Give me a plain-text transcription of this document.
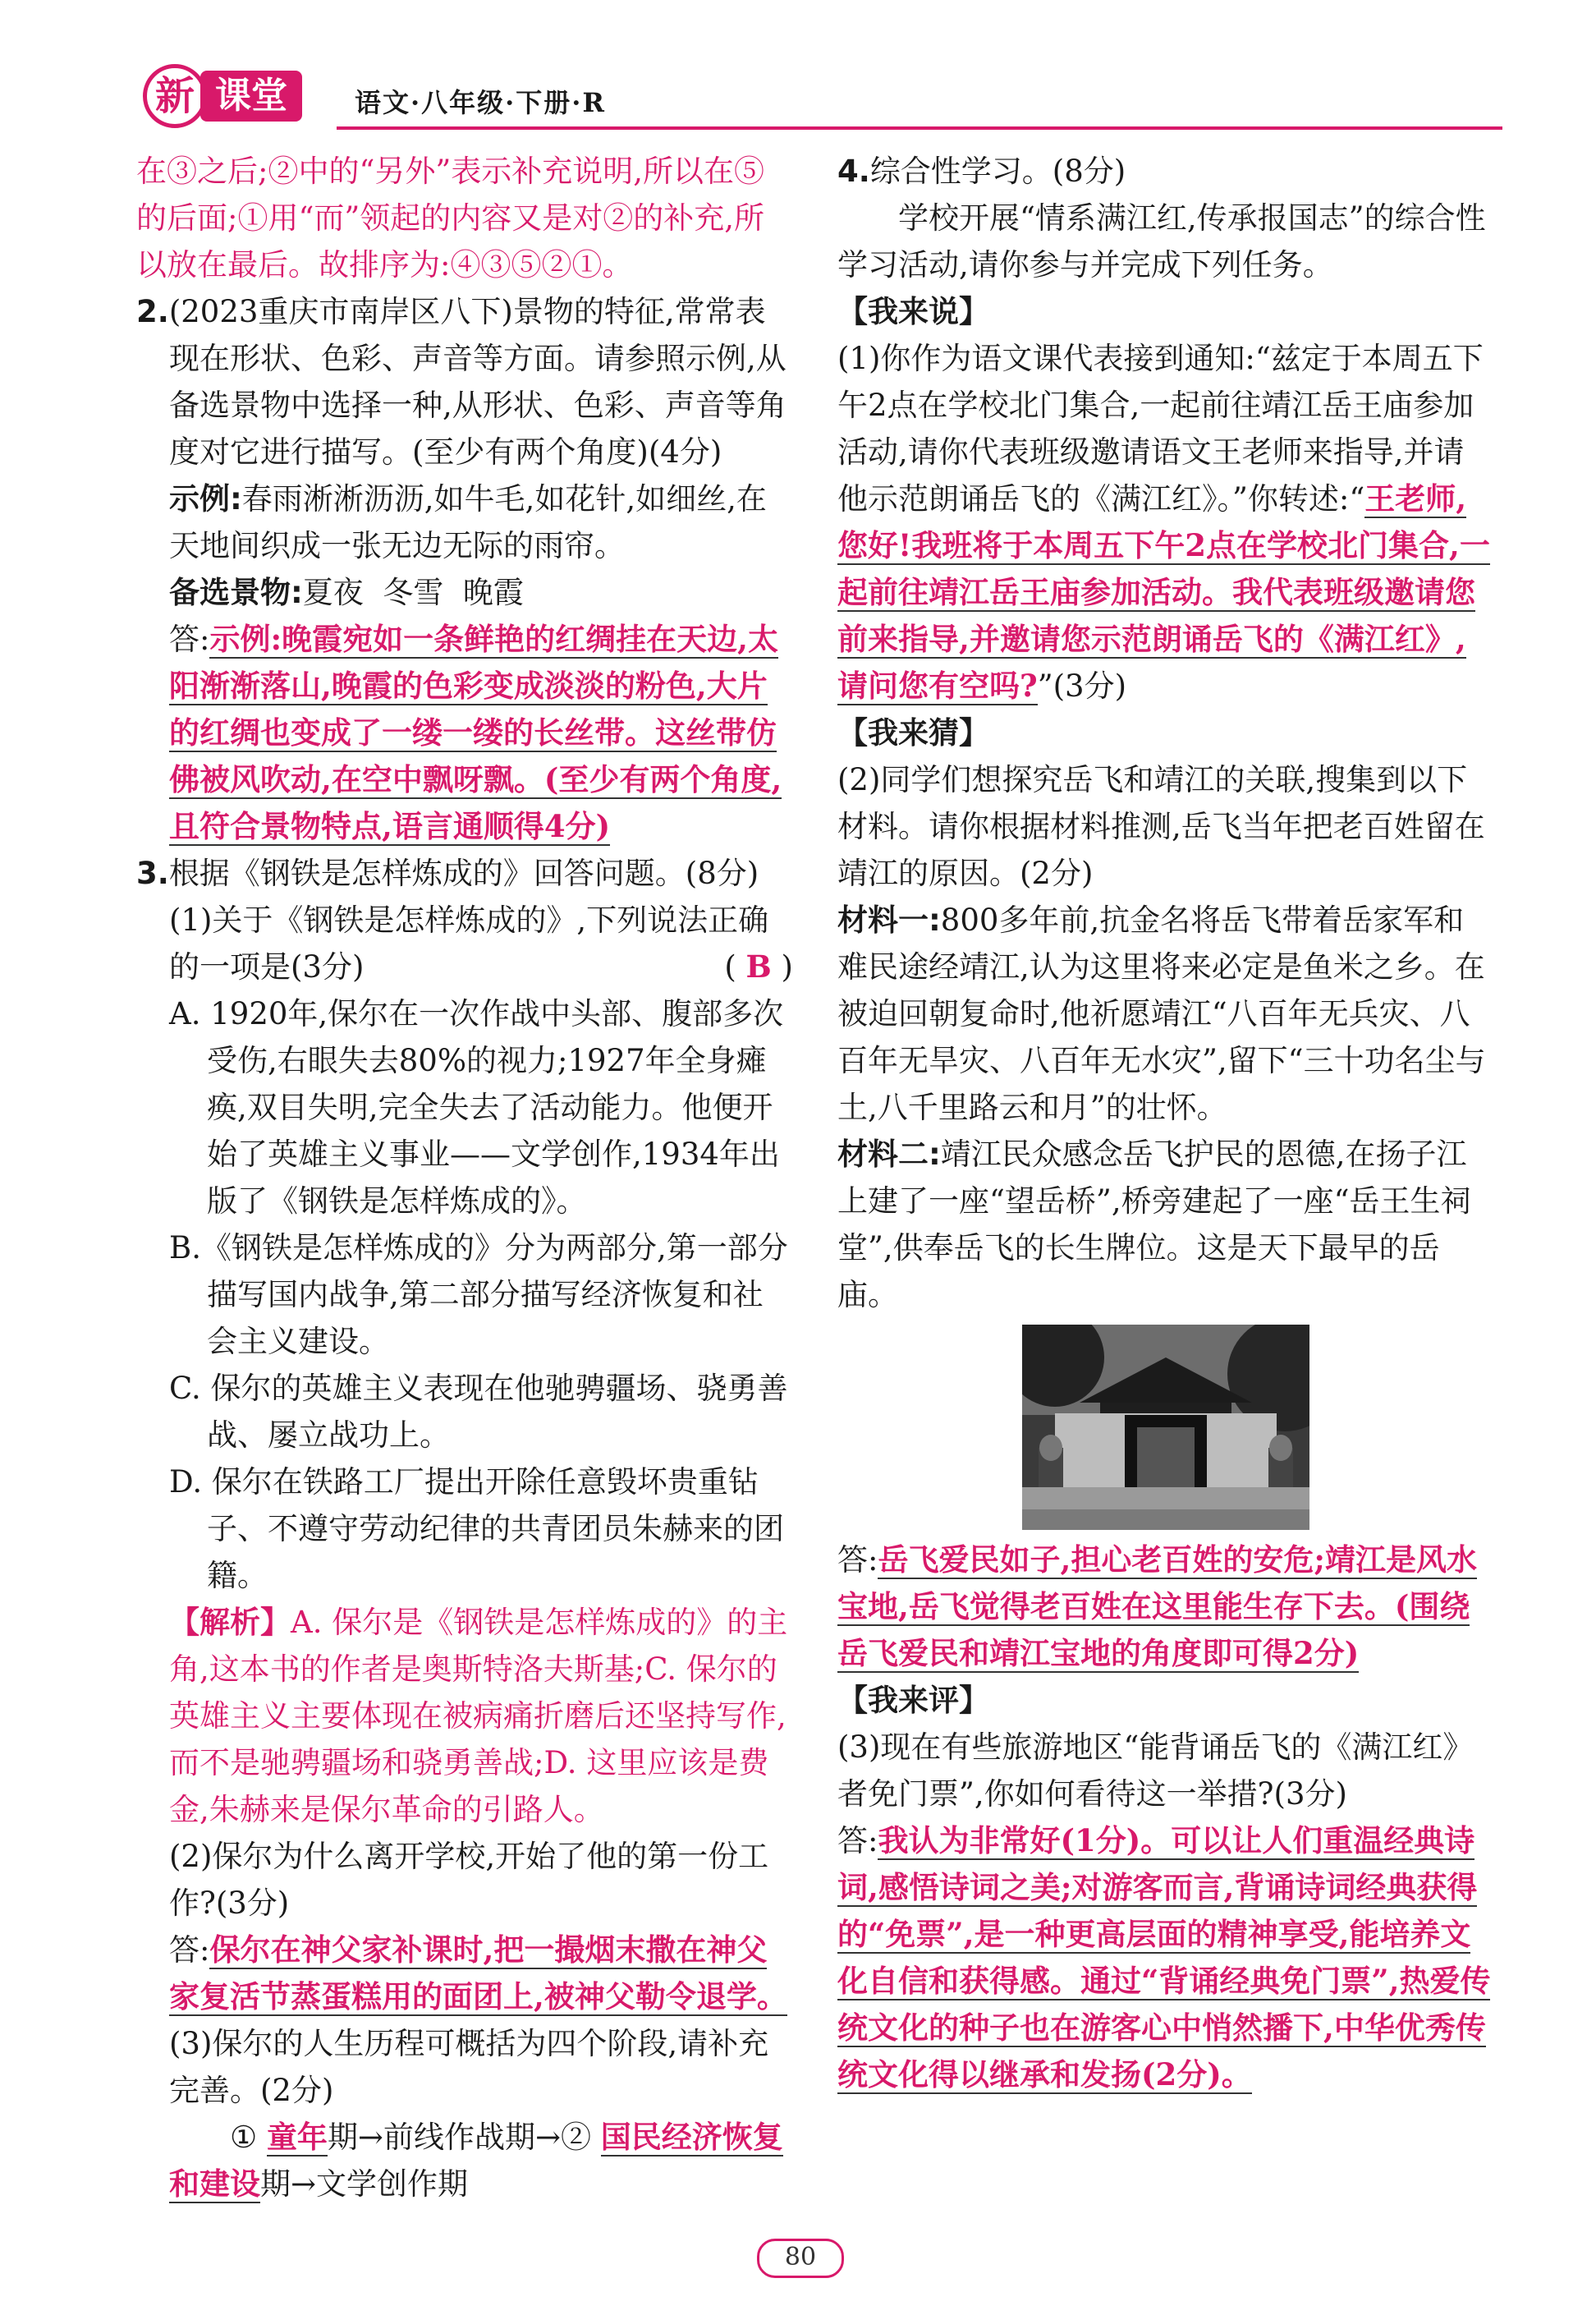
新 课堂	语文·八年级·下册·R

在③之后;②中的“另外”表示补充说明,所以在⑤的后面;①用“而”领起的内容又是对②的补充,所以放在最后。故排序为:④③⑤②①。

2.(2023重庆市南岸区八下)景物的特征,常常表现在形状、色彩、声音等方面。请参照示例,从备选景物中选择一种,从形状、色彩、声音等角度对它进行描写。(至少有两个角度)(4分)

示例:春雨淅淅沥沥,如牛毛,如花针,如细丝,在天地间织成一张无边无际的雨帘。

备选景物:夏夜  冬雪  晚霞

答:示例:晚霞宛如一条鲜艳的红绸挂在天边,太阳渐渐落山,晚霞的色彩变成淡淡的粉色,大片的红绸也变成了一缕一缕的长丝带。这丝带仿佛被风吹动,在空中飘呀飘。(至少有两个角度,且符合景物特点,语言通顺得4分)

3.根据《钢铁是怎样炼成的》回答问题。(8分)

(1)关于《钢铁是怎样炼成的》,下列说法正确的一项是(3分)	( B )

A. 1920年,保尔在一次作战中头部、腹部多次受伤,右眼失去80%的视力;1927年全身瘫痪,双目失明,完全失去了活动能力。他便开始了英雄主义事业——文学创作,1934年出版了《钢铁是怎样炼成的》。

B.《钢铁是怎样炼成的》分为两部分,第一部分描写国内战争,第二部分描写经济恢复和社会主义建设。

C. 保尔的英雄主义表现在他驰骋疆场、骁勇善战、屡立战功上。

D. 保尔在铁路工厂提出开除任意毁坏贵重钻子、不遵守劳动纪律的共青团员朱赫来的团籍。

【解析】A. 保尔是《钢铁是怎样炼成的》的主角,这本书的作者是奥斯特洛夫斯基;C. 保尔的英雄主义主要体现在被病痛折磨后还坚持写作,而不是驰骋疆场和骁勇善战;D. 这里应该是费金,朱赫来是保尔革命的引路人。

(2)保尔为什么离开学校,开始了他的第一份工作?(3分)

答:保尔在神父家补课时,把一撮烟末撒在神父家复活节蒸蛋糕用的面团上,被神父勒令退学。

(3)保尔的人生历程可概括为四个阶段,请补充完善。(2分)

① 童年期→前线作战期→② 国民经济恢复和建设期→文学创作期

4.综合性学习。(8分)

学校开展“情系满江红,传承报国志”的综合性学习活动,请你参与并完成下列任务。

【我来说】

(1)你作为语文课代表接到通知:“兹定于本周五下午2点在学校北门集合,一起前往靖江岳王庙参加活动,请你代表班级邀请语文王老师来指导,并请他示范朗诵岳飞的《满江红》。”你转述:“王老师,您好!我班将于本周五下午2点在学校北门集合,一起前往靖江岳王庙参加活动。我代表班级邀请您前来指导,并邀请您示范朗诵岳飞的《满江红》,请问您有空吗?”(3分)

【我来猜】

(2)同学们想探究岳飞和靖江的关联,搜集到以下材料。请你根据材料推测,岳飞当年把老百姓留在靖江的原因。(2分)

材料一:800多年前,抗金名将岳飞带着岳家军和难民途经靖江,认为这里将来必定是鱼米之乡。在被迫回朝复命时,他祈愿靖江“八百年无兵灾、八百年无旱灾、八百年无水灾”,留下“三十功名尘与土,八千里路云和月”的壮怀。

材料二:靖江民众感念岳飞护民的恩德,在扬子江上建了一座“望岳桥”,桥旁建起了一座“岳王生祠堂”,供奉岳飞的长生牌位。这是天下最早的岳庙。

答:岳飞爱民如子,担心老百姓的安危;靖江是风水宝地,岳飞觉得老百姓在这里能生存下去。(围绕岳飞爱民和靖江宝地的角度即可得2分)

【我来评】

(3)现在有些旅游地区“能背诵岳飞的《满江红》者免门票”,你如何看待这一举措?(3分)

答:我认为非常好(1分)。可以让人们重温经典诗词,感悟诗词之美;对游客而言,背诵诗词经典获得的“免票”,是一种更高层面的精神享受,能培养文化自信和获得感。通过“背诵经典免门票”,热爱传统文化的种子也在游客心中悄然播下,中华优秀传统文化得以继承和发扬(2分)。

80
